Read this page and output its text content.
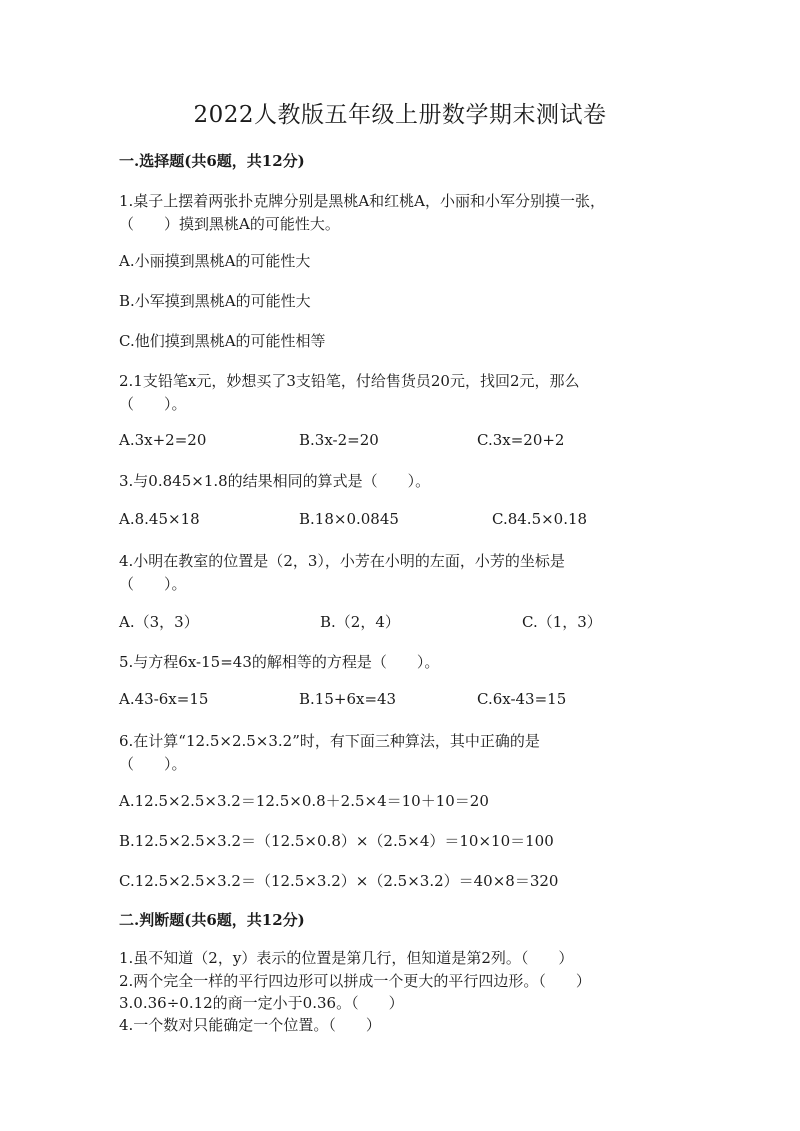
2022人教版五年级上册数学期末测试卷
一.选择题(共6题，共12分)
1.桌子上摆着两张扑克牌分别是黑桃A和红桃A，小丽和小军分别摸一张，
（　　）摸到黑桃A的可能性大。
A.小丽摸到黑桃A的可能性大
B.小军摸到黑桃A的可能性大
C.他们摸到黑桃A的可能性相等
2.1支铅笔x元，妙想买了3支铅笔，付给售货员20元，找回2元，那么
（　　）。
A.3x+2=20	B.3x-2=20	C.3x=20+2
3.与0.845×1.8的结果相同的算式是（　　）。
A.8.45×18	B.18×0.0845	C.84.5×0.18
4.小明在教室的位置是（2，3），小芳在小明的左面，小芳的坐标是
（　　）。
A.（3，3）	B.（2，4）	C.（1，3）
5.与方程6x-15=43的解相等的方程是（　　）。
A.43-6x=15	B.15+6x=43	C.6x-43=15
6.在计算“12.5×2.5×3.2”时，有下面三种算法，其中正确的是
（　　）。
A.12.5×2.5×3.2＝12.5×0.8＋2.5×4＝10＋10＝20
B.12.5×2.5×3.2＝（12.5×0.8）×（2.5×4）＝10×10＝100
C.12.5×2.5×3.2＝（12.5×3.2）×（2.5×3.2）＝40×8＝320
二.判断题(共6题，共12分)
1.虽不知道（2，y）表示的位置是第几行，但知道是第2列。（　　）
2.两个完全一样的平行四边形可以拼成一个更大的平行四边形。（　　）
3.0.36÷0.12的商一定小于0.36。（　　）
4.一个数对只能确定一个位置。（　　）
